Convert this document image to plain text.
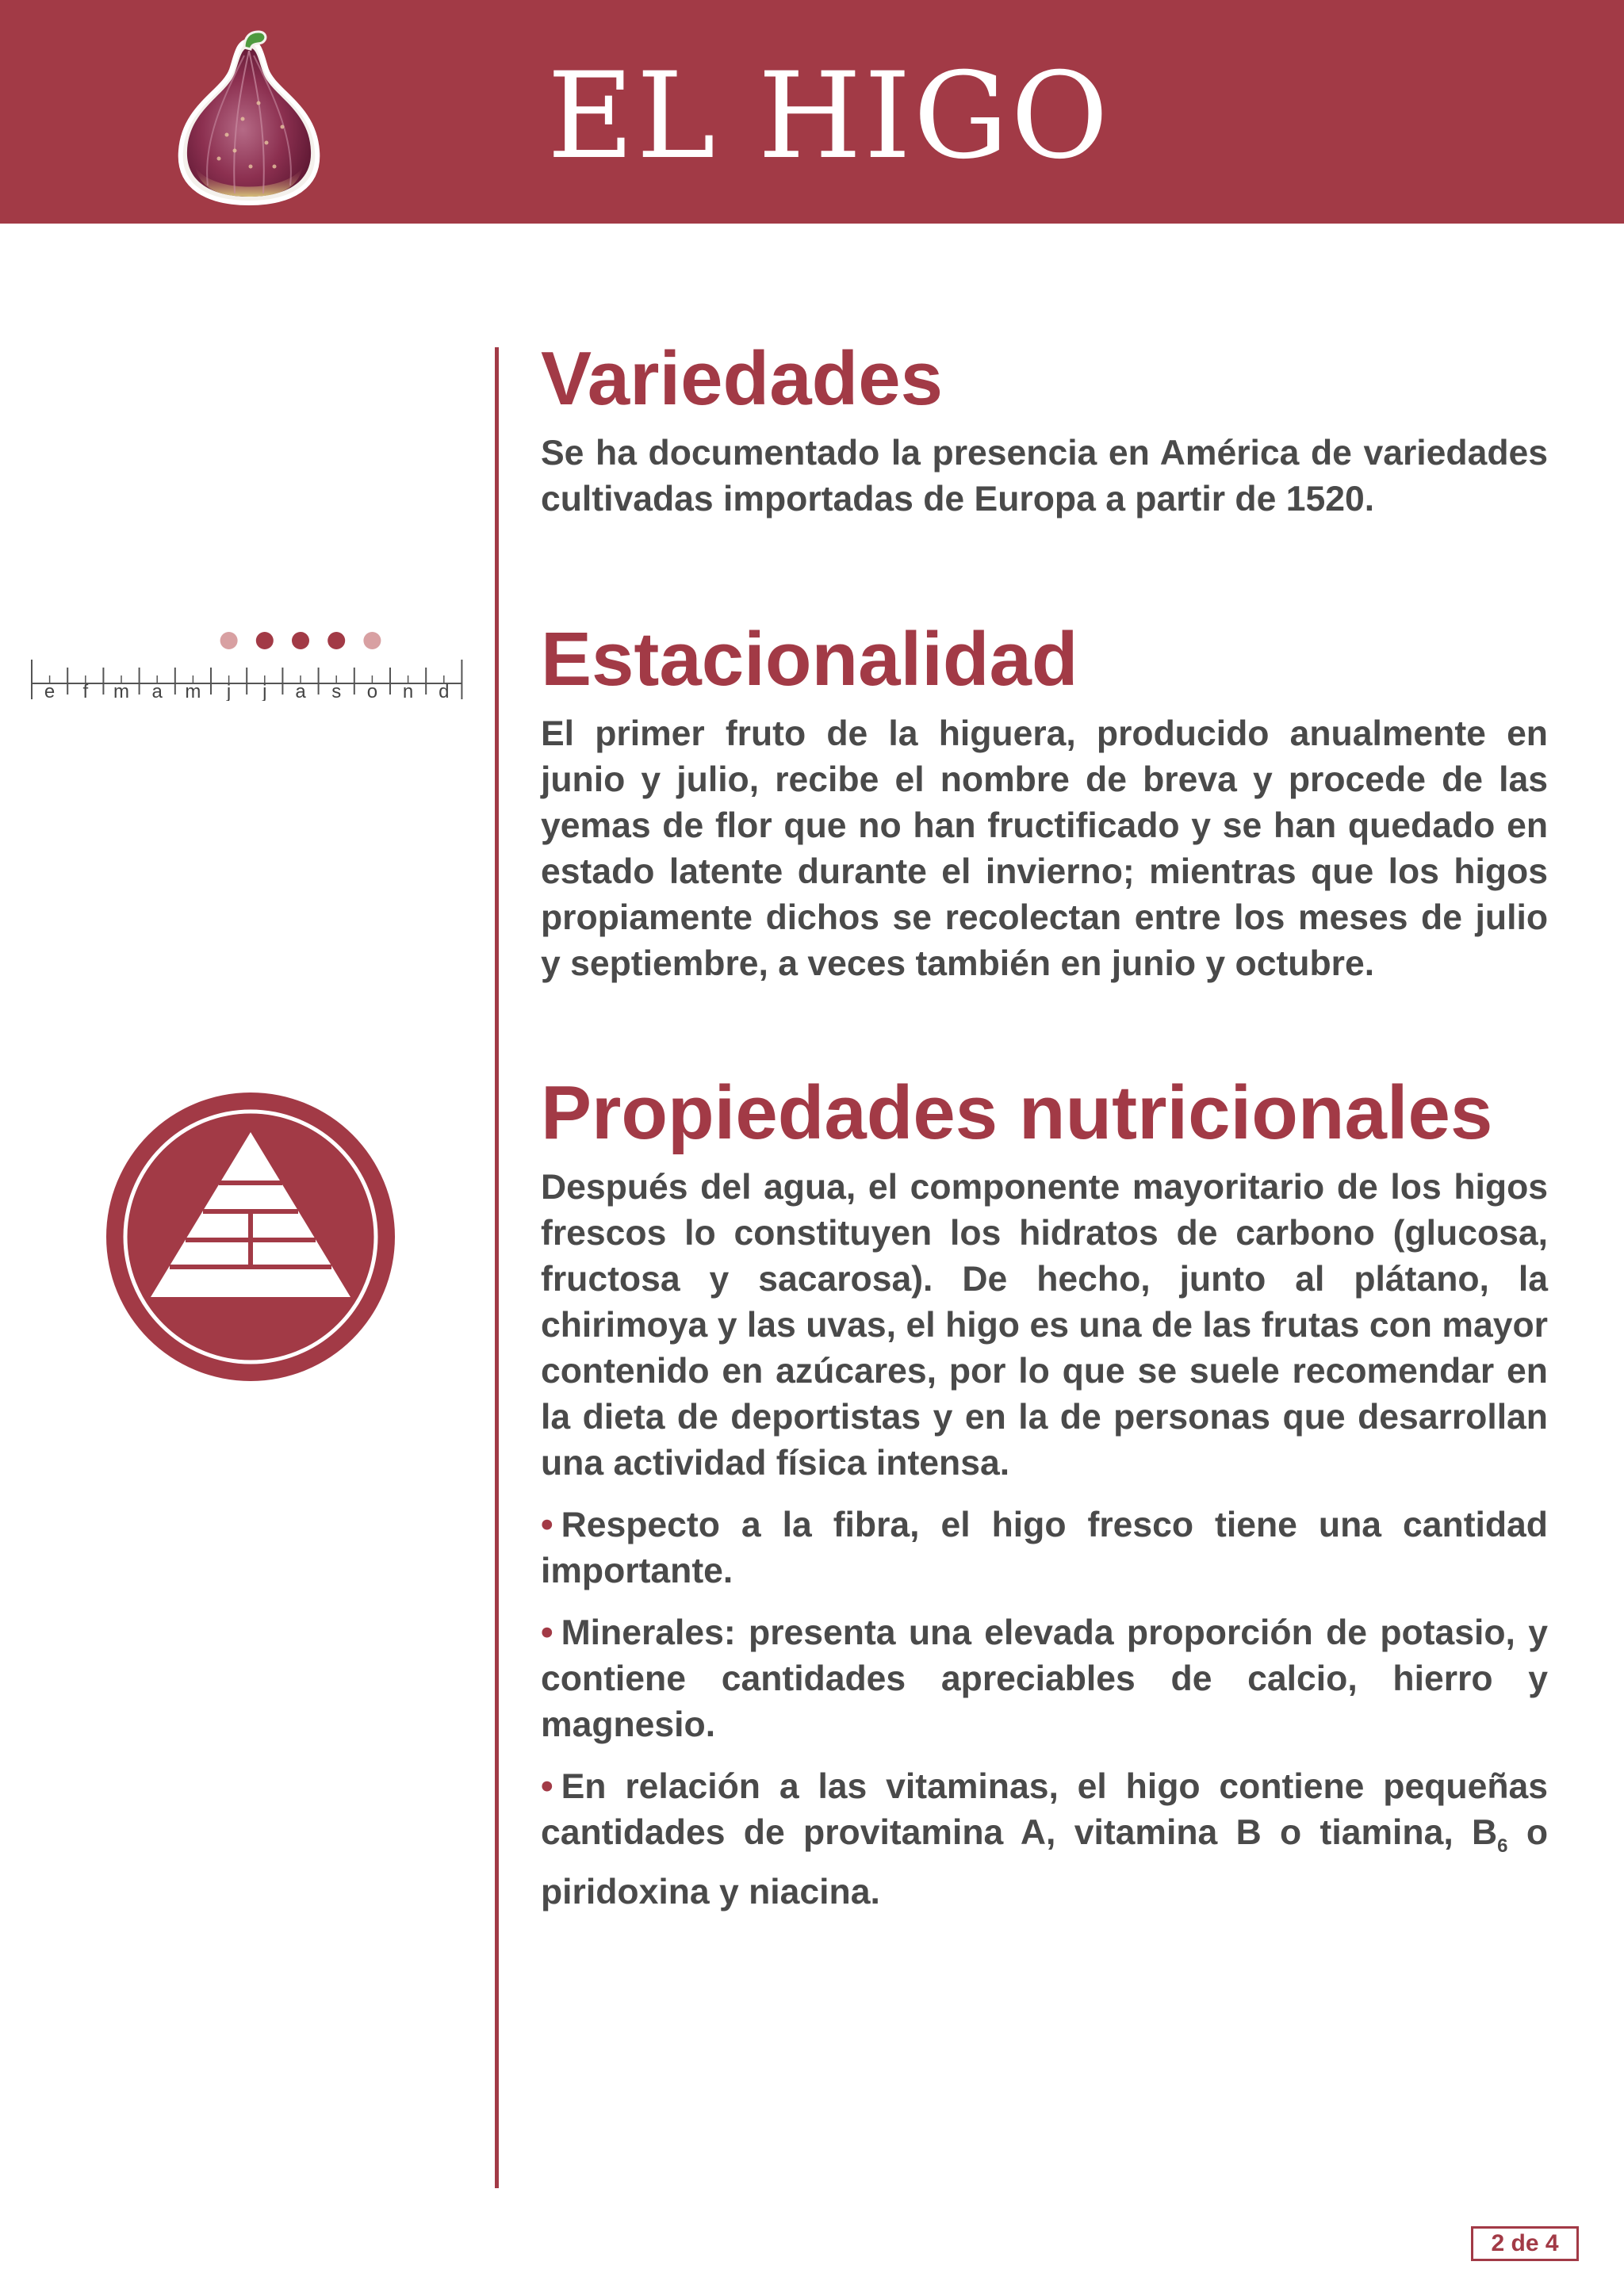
EL HIGO
e f m a m j j a s o n d
Variedades

Se ha documentado la presencia en América de variedades cultivadas importadas de Europa a partir de 1520.

Estacionalidad

El primer fruto de la higuera, producido anualmente en junio y julio, recibe el nombre de breva y procede de las yemas de flor que no han fructificado y se han quedado en estado latente durante el invierno; mientras que los higos propiamente dichos se recolectan entre los meses de julio y septiembre, a veces también en junio y octubre.

Propiedades nutricionales

Después del agua, el componente mayoritario de los higos frescos lo constituyen los hidratos de carbono (glucosa, fructosa y sacarosa). De hecho, junto al plátano, la chirimoya y las uvas, el higo es una de las frutas con mayor contenido en azúcares, por lo que se suele recomendar en la dieta de deportistas y en la de personas que desarrollan una actividad física intensa.

• Respecto a la fibra, el higo fresco tiene una cantidad importante.
• Minerales: presenta una elevada proporción de potasio, y contiene cantidades apreciables de calcio, hierro y magnesio.
• En relación a las vitaminas, el higo contiene pequeñas cantidades de provitamina A, vitamina B o tiamina, $B_6$ o piridoxina y niacina.
2 de 4
